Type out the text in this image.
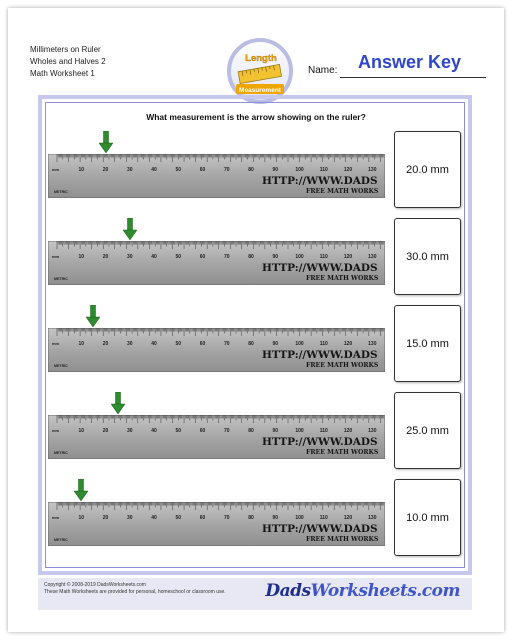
Millimeters on Ruler
Wholes and Halves 2
Math Worksheet 1
Length
Measurement
Name: Answer Key
What measurement is the arrow showing on the ruler?
mm	10	20	30	40	50	60	70	80	90	100	110	120	130
METRIC
HTTP://WWW.DADS
FREE MATH WORKS
20.0 mm
mm	10	20	30	40	50	60	70	80	90	100	110	120	130
METRIC
HTTP://WWW.DADS
FREE MATH WORKS
30.0 mm
mm	10	20	30	40	50	60	70	80	90	100	110	120	130
METRIC
HTTP://WWW.DADS
FREE MATH WORKS
15.0 mm
mm	10	20	30	40	50	60	70	80	90	100	110	120	130
METRIC
HTTP://WWW.DADS
FREE MATH WORKS
25.0 mm
mm	10	20	30	40	50	60	70	80	90	100	110	120	130
METRIC
HTTP://WWW.DADS
FREE MATH WORKS
10.0 mm
Copyright © 2008-2019 DadsWorksheets.com
These Math Worksheets are provided for personal, homeschool or classroom use. DadsWorksheets.com
